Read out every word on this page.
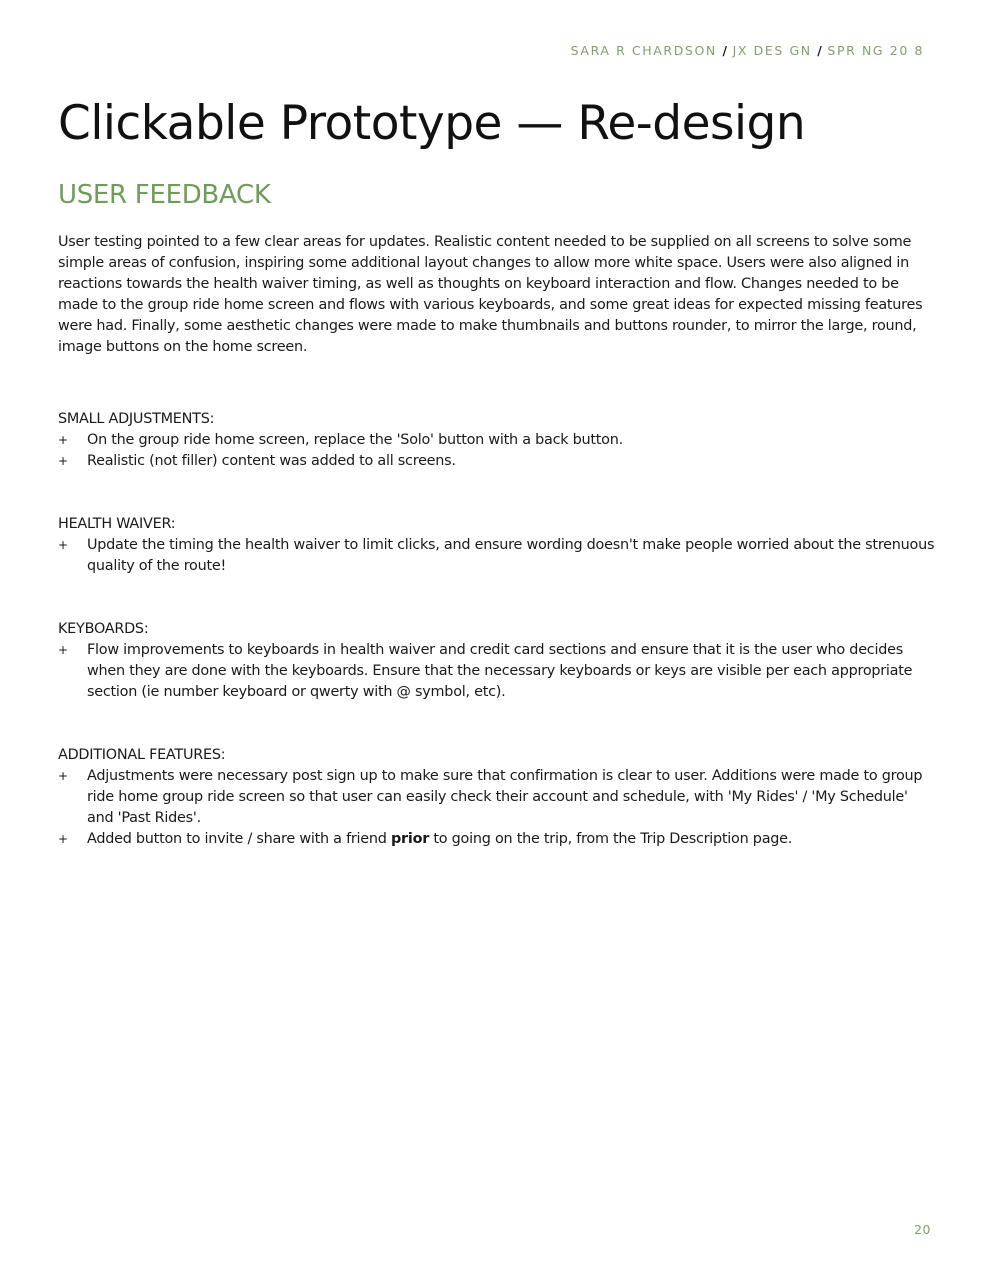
SARA R CHARDSON / JX DES GN / SPR NG 20 8
Clickable Prototype — Re-design
USER FEEDBACK

User testing pointed to a few clear areas for updates. Realistic content needed to be supplied on all screens to solve some simple areas of confusion, inspiring some additional layout changes to allow more white space. Users were also aligned in reactions towards the health waiver timing, as well as thoughts on keyboard interaction and flow. Changes needed to be made to the group ride home screen and flows with various keyboards, and some great ideas for expected missing features were had. Finally, some aesthetic changes were made to make thumbnails and buttons rounder, to mirror the large, round, image buttons on the home screen.

SMALL ADJUSTMENTS:
+ On the group ride home screen, replace the 'Solo' button with a back button.
+ Realistic (not filler) content was added to all screens.
HEALTH WAIVER:
+ Update the timing the health waiver to limit clicks, and ensure wording doesn't make people worried about the strenuous quality of the route!
KEYBOARDS:
+ Flow improvements to keyboards in health waiver and credit card sections and ensure that it is the user who decides when they are done with the keyboards. Ensure that the necessary keyboards or keys are visible per each appropriate section (ie number keyboard or qwerty with @ symbol, etc).
ADDITIONAL FEATURES:
+ Adjustments were necessary post sign up to make sure that confirmation is clear to user. Additions were made to group ride home group ride screen so that user can easily check their account and schedule, with 'My Rides' / 'My Schedule' and 'Past Rides'.
+ Added button to invite / share with a friend prior to going on the trip, from the Trip Description page.
20
